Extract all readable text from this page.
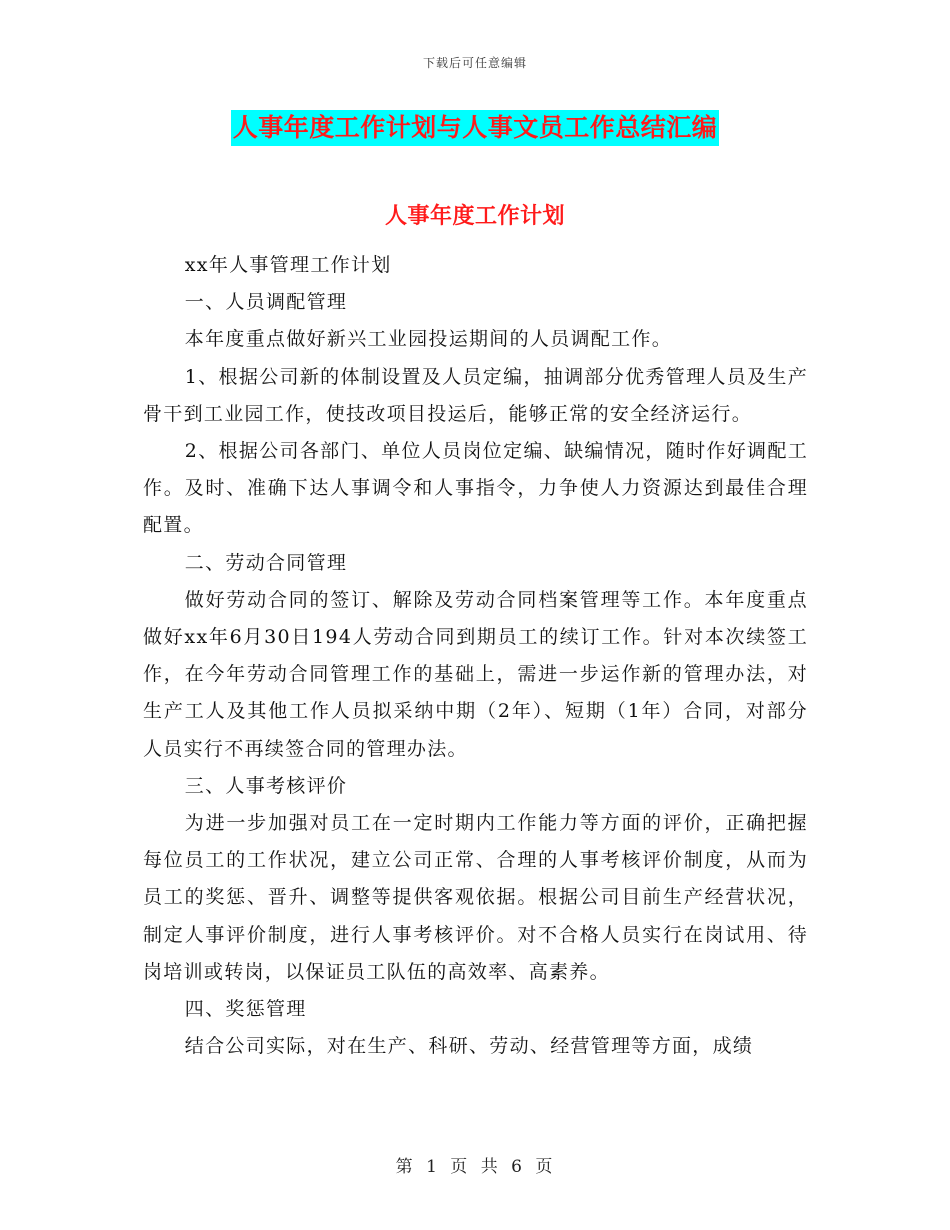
下载后可任意编辑
人事年度工作计划与人事文员工作总结汇编
人事年度工作计划

xx年人事管理工作计划

一、人员调配管理

本年度重点做好新兴工业园投运期间的人员调配工作。

1、根据公司新的体制设置及人员定编，抽调部分优秀管理人员及生产骨干到工业园工作，使技改项目投运后，能够正常的安全经济运行。

2、根据公司各部门、单位人员岗位定编、缺编情况，随时作好调配工作。及时、准确下达人事调令和人事指令，力争使人力资源达到最佳合理配置。

二、劳动合同管理

做好劳动合同的签订、解除及劳动合同档案管理等工作。本年度重点做好xx年6月30日194人劳动合同到期员工的续订工作。针对本次续签工作，在今年劳动合同管理工作的基础上，需进一步运作新的管理办法，对生产工人及其他工作人员拟采纳中期（2年）、短期（1年）合同，对部分人员实行不再续签合同的管理办法。

三、人事考核评价

为进一步加强对员工在一定时期内工作能力等方面的评价，正确把握每位员工的工作状况，建立公司正常、合理的人事考核评价制度，从而为员工的奖惩、晋升、调整等提供客观依据。根据公司目前生产经营状况，制定人事评价制度，进行人事考核评价。对不合格人员实行在岗试用、待岗培训或转岗，以保证员工队伍的高效率、高素养。

四、奖惩管理

结合公司实际，对在生产、科研、劳动、经营管理等方面，成绩

第 1 页 共 6 页
